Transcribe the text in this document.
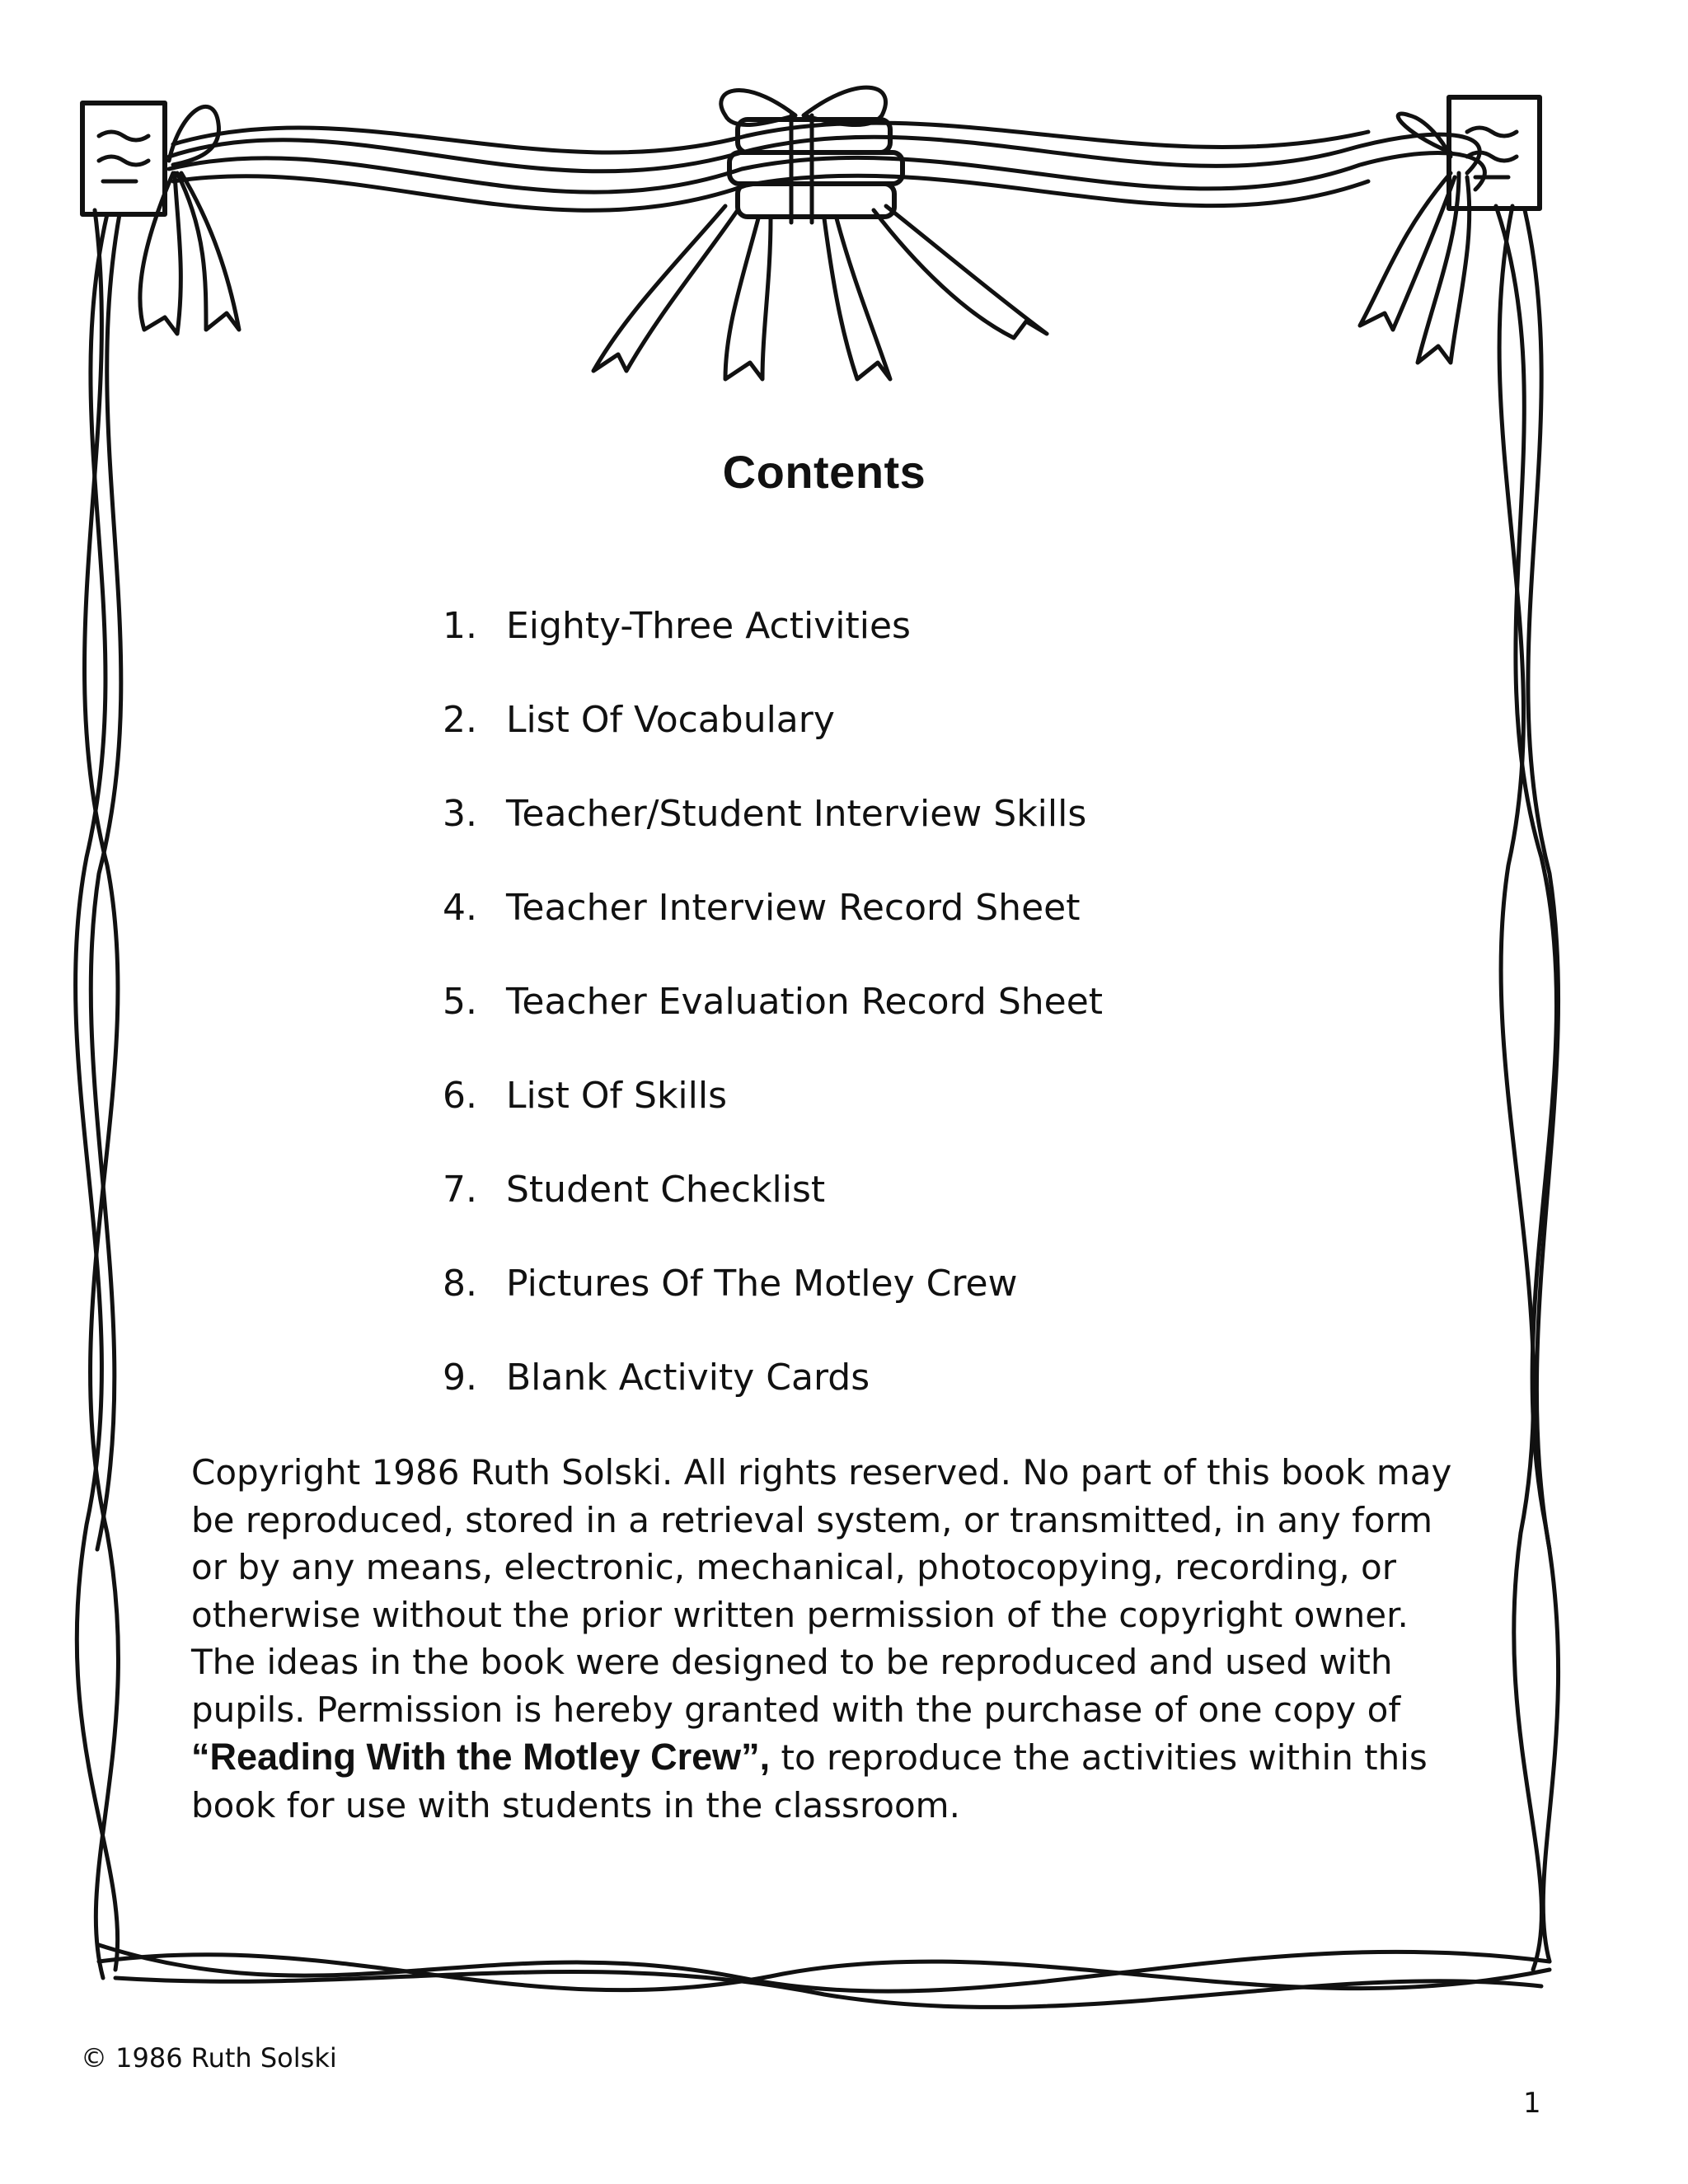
Contents
1. Eighty-Three Activities
2. List Of Vocabulary
3. Teacher/Student Interview Skills
4. Teacher Interview Record Sheet
5. Teacher Evaluation Record Sheet
6. List Of Skills
7. Student Checklist
8. Pictures Of The Motley Crew
9. Blank Activity Cards

Copyright 1986 Ruth Solski. All rights reserved. No part of this book may be reproduced, stored in a retrieval system, or transmitted, in any form or by any means, electronic, mechanical, photocopying, recording, or otherwise without the prior written permission of the copyright owner. The ideas in the book were designed to be reproduced and used with pupils. Permission is hereby granted with the purchase of one copy of “Reading With the Motley Crew”, to reproduce the activities within this book for use with students in the classroom.

© 1986 Ruth Solski
1
